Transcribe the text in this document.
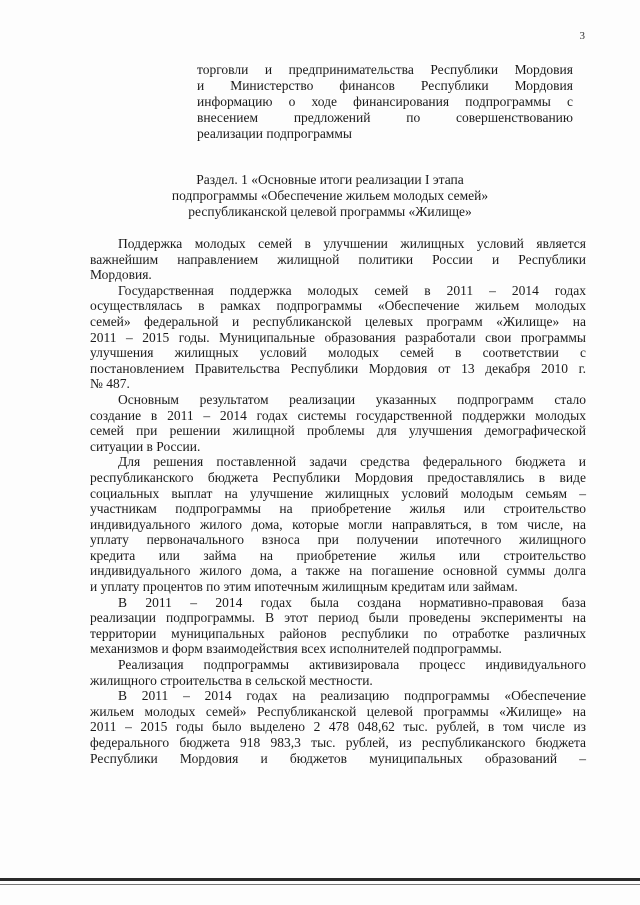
3
торговли и предпринимательства Республики Мордовия
и Министерство финансов Республики Мордовия
информацию о ходе финансирования подпрограммы с
внесением предложений по совершенствованию
реализации подпрограммы
Раздел. 1 «Основные итоги реализации I этапа
подпрограммы «Обеспечение жильем молодых семей»
республиканской целевой программы «Жилище»

Поддержка молодых семей в улучшении жилищных условий является
важнейшим направлением жилищной политики России и Республики
Мордовия.

Государственная поддержка молодых семей в 2011 – 2014 годах
осуществлялась в рамках подпрограммы «Обеспечение жильем молодых
семей» федеральной и республиканской целевых программ «Жилище» на
2011 – 2015 годы. Муниципальные образования разработали свои программы
улучшения жилищных условий молодых семей в соответствии с
постановлением Правительства Республики Мордовия от 13 декабря 2010 г.
№ 487.

Основным результатом реализации указанных подпрограмм стало
создание в 2011 – 2014 годах системы государственной поддержки молодых
семей при решении жилищной проблемы для улучшения демографической
ситуации в России.

Для решения поставленной задачи средства федерального бюджета и
республиканского бюджета Республики Мордовия предоставлялись в виде
социальных выплат на улучшение жилищных условий молодым семьям –
участникам подпрограммы на приобретение жилья или строительство
индивидуального жилого дома, которые могли направляться, в том числе, на
уплату первоначального взноса при получении ипотечного жилищного
кредита или займа на приобретение жилья или строительство
индивидуального жилого дома, а также на погашение основной суммы долга
и уплату процентов по этим ипотечным жилищным кредитам или займам.

В 2011 – 2014 годах была создана нормативно-правовая база
реализации подпрограммы. В этот период были проведены эксперименты на
территории муниципальных районов республики по отработке различных
механизмов и форм взаимодействия всех исполнителей подпрограммы.

Реализация подпрограммы активизировала процесс индивидуального
жилищного строительства в сельской местности.

В 2011 – 2014 годах на реализацию подпрограммы «Обеспечение
жильем молодых семей» Республиканской целевой программы «Жилище» на
2011 – 2015 годы было выделено 2 478 048,62 тыс. рублей, в том числе из
федерального бюджета 918 983,3 тыс. рублей, из республиканского бюджета
Республики Мордовия и бюджетов муниципальных образований –
